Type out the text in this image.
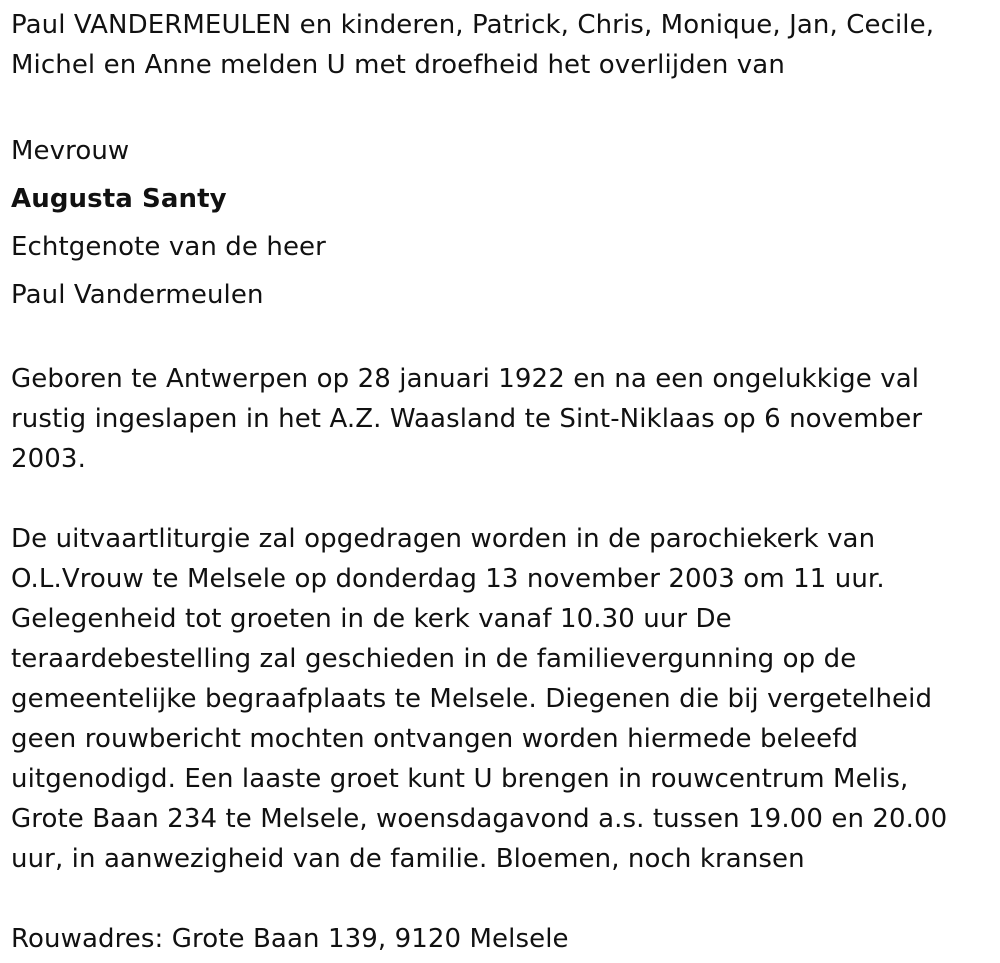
Paul VANDERMEULEN en kinderen, Patrick, Chris, Monique, Jan, Cecile,
Michel en Anne melden U met droefheid het overlijden van
Mevrouw
Augusta Santy
Echtgenote van de heer
Paul Vandermeulen
Geboren te Antwerpen op 28 januari 1922 en na een ongelukkige val
rustig ingeslapen in het A.Z. Waasland te Sint-Niklaas op 6 november
2003.
De uitvaartliturgie zal opgedragen worden in de parochiekerk van
O.L.Vrouw te Melsele op donderdag 13 november 2003 om 11 uur.
Gelegenheid tot groeten in de kerk vanaf 10.30 uur De
teraardebestelling zal geschieden in de familievergunning op de
gemeentelijke begraafplaats te Melsele. Diegenen die bij vergetelheid
geen rouwbericht mochten ontvangen worden hiermede beleefd
uitgenodigd. Een laaste groet kunt U brengen in rouwcentrum Melis,
Grote Baan 234 te Melsele, woensdagavond a.s. tussen 19.00 en 20.00
uur, in aanwezigheid van de familie. Bloemen, noch kransen
Rouwadres: Grote Baan 139, 9120 Melsele
